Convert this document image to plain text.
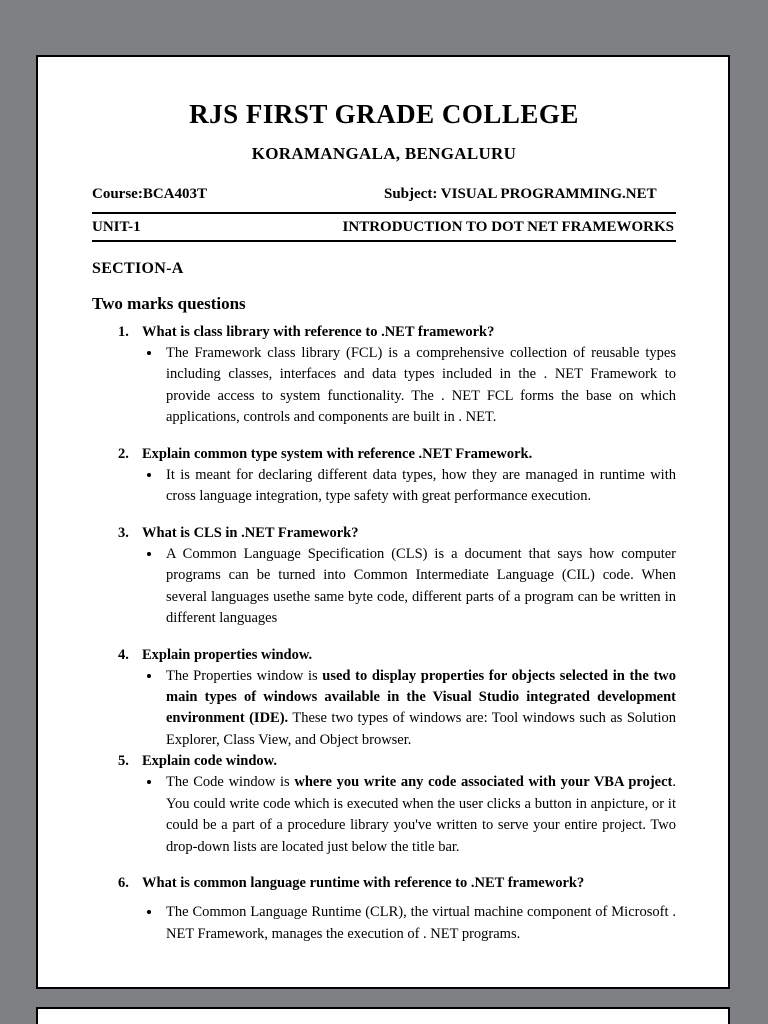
RJS FIRST GRADE COLLEGE
KORAMANGALA, BENGALURU
Course:BCA403T	Subject: VISUAL PROGRAMMING.NET
UNIT-1	INTRODUCTION TO DOT NET FRAMEWORKS
SECTION-A
Two marks questions
1. What is class library with reference to .NET framework?
• The Framework class library (FCL) is a comprehensive collection of reusable types including classes, interfaces and data types included in the . NET Framework to provide access to system functionality. The . NET FCL forms the base on which applications, controls and components are built in . NET.
2. Explain common type system with reference .NET Framework.
• It is meant for declaring different data types, how they are managed in runtime with cross language integration, type safety with great performance execution.
3. What is CLS in .NET Framework?
• A Common Language Specification (CLS) is a document that says how computer programs can be turned into Common Intermediate Language (CIL) code. When several languages usethe same byte code, different parts of a program can be written in different languages
4. Explain properties window.
• The Properties window is used to display properties for objects selected in the two main types of windows available in the Visual Studio integrated development environment (IDE). These two types of windows are: Tool windows such as Solution Explorer, Class View, and Object browser.
5. Explain code window.
• The Code window is where you write any code associated with your VBA project. You could write code which is executed when the user clicks a button in anpicture, or it could be a part of a procedure library you've written to serve your entire project. Two drop-down lists are located just below the title bar.
6. What is common language runtime with reference to .NET framework?
• The Common Language Runtime (CLR), the virtual machine component of Microsoft . NET Framework, manages the execution of . NET programs.
